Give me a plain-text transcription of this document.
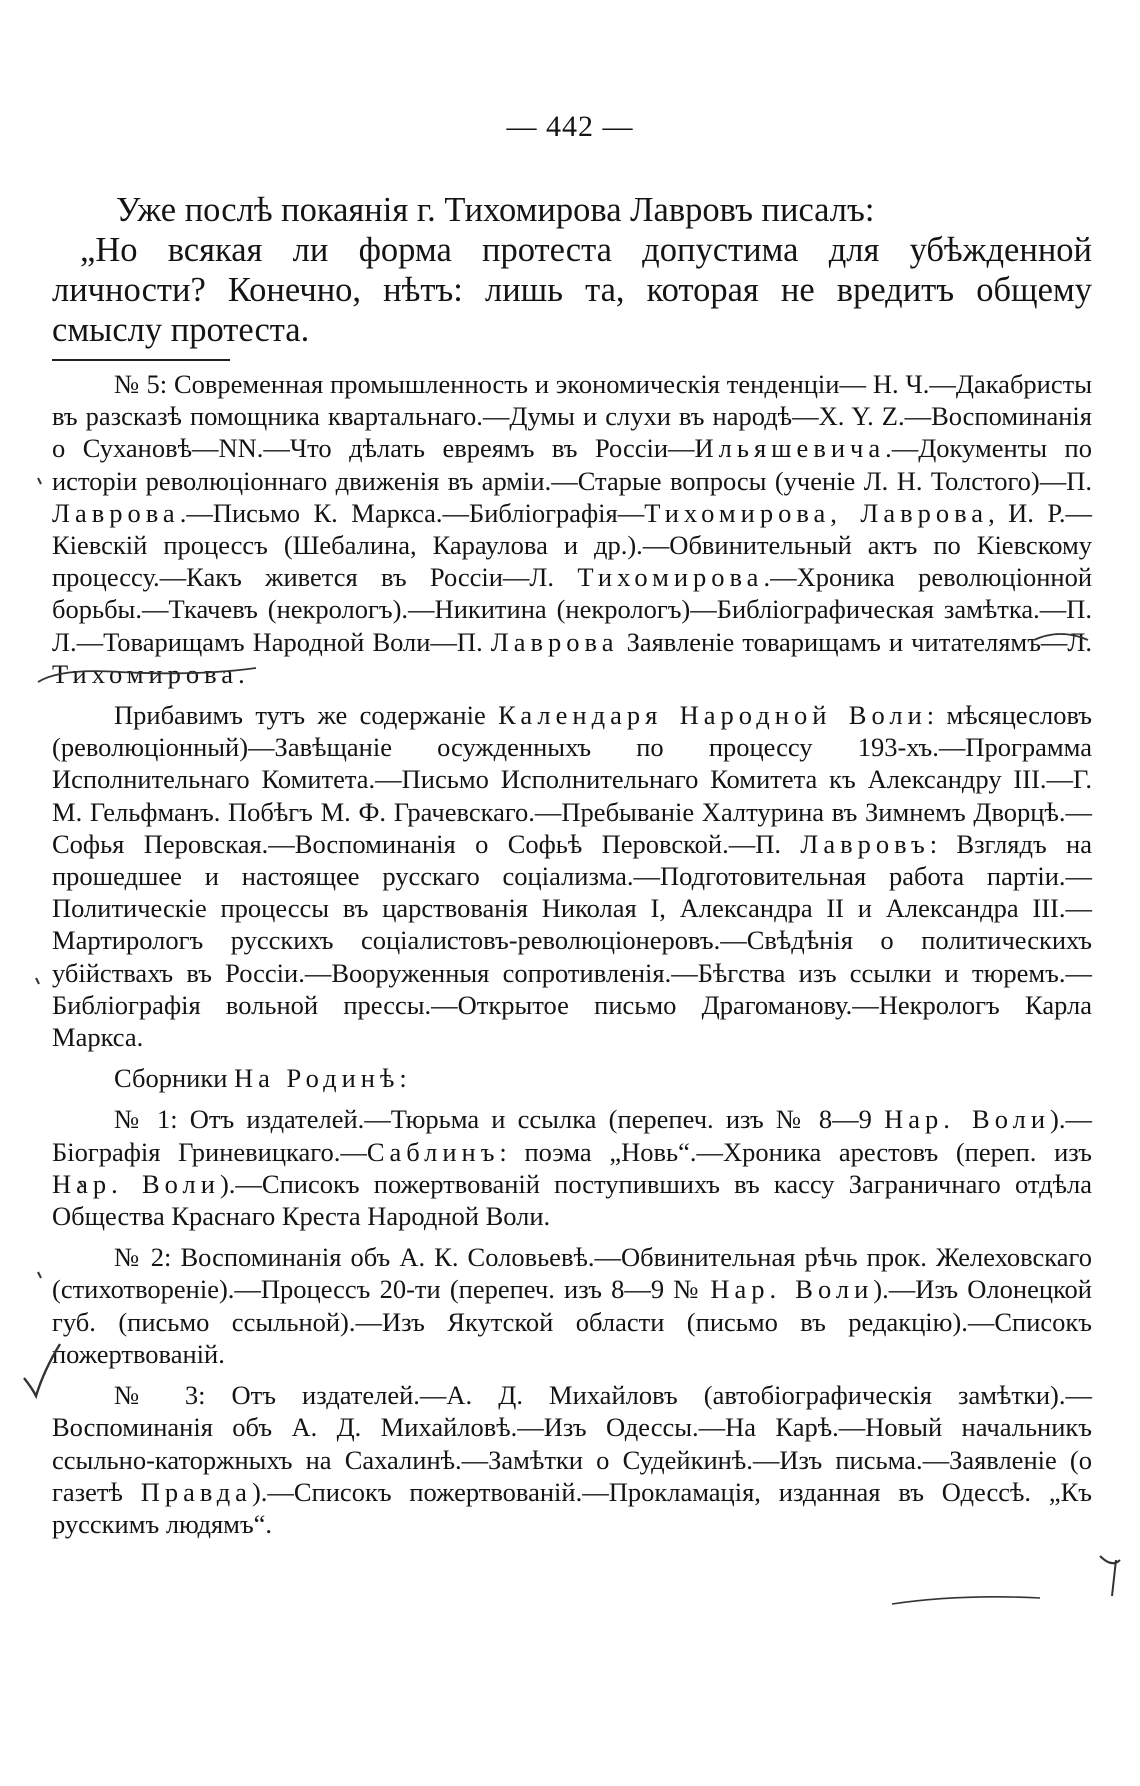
— 442 —

Уже послѣ покаянія г. Тихомирова Лавровъ писалъ:

„Но всякая ли форма протеста допустима для убѣжденной личности? Конечно, нѣтъ: лишь та, которая не вредитъ общему смыслу протеста.

№ 5: Современная промышленность и экономическія тенденціи— Н. Ч.—Дакабристы въ разсказѣ помощника квартальнаго.—Думы и слухи въ народѣ—X. Y. Z.—Воспоминанія о Сухановѣ—NN.—Что дѣлать евреямъ въ Россіи—Ильяшевича.—Документы по исторіи революціоннаго движенія въ арміи.—Старые вопросы (ученіе Л. Н. Толстого)—П. Лаврова.—Письмо К. Маркса.—Библіографія—Тихомирова, Лаврова, И. Р.—Кіевскій процессъ (Шебалина, Караулова и др.).—Обвинительный актъ по Кіевскому процессу.—Какъ живется въ Россіи—Л. Тихомирова.—Хроника революціонной борьбы.—Ткачевъ (некрологъ).—Никитина (некрологъ)—Библіографическая замѣтка.—П. Л.—Товарищамъ Народной Воли—П. Лаврова Заявленіе товарищамъ и читателямъ—Л. Тихомирова.

Прибавимъ тутъ же содержаніе Календаря Народной Воли: мѣсяцесловъ (революціонный)—Завѣщаніе осужденныхъ по процессу 193-хъ.—Программа Исполнительнаго Комитета.—Письмо Исполнительнаго Комитета къ Александру III.—Г. М. Гельфманъ. Побѣгъ М. Ф. Грачевскаго.—Пребываніе Халтурина въ Зимнемъ Дворцѣ.—Софья Перовская.—Воспоминанія о Софьѣ Перовской.—П. Лавровъ: Взглядъ на прошедшее и настоящее русскаго соціализма.—Подготовительная работа партіи.—Политическіе процессы въ царствованія Николая I, Александра II и Александра III.—Мартирологъ русскихъ соціалистовъ-революціонеровъ.—Свѣдѣнія о политическихъ убійствахъ въ Россіи.—Вооруженныя сопротивленія.—Бѣгства изъ ссылки и тюремъ.—Библіографія вольной прессы.—Открытое письмо Драгоманову.—Некрологъ Карла Маркса.

Сборники На Родинѣ:

№ 1: Отъ издателей.—Тюрьма и ссылка (перепеч. изъ № 8—9 Нар. Воли).—Біографія Гриневицкаго.—Саблинъ: поэма „Новь“.—Хроника арестовъ (переп. изъ Нар. Воли).—Списокъ пожертвованій поступившихъ въ кассу Заграничнаго отдѣла Общества Краснаго Креста Народной Воли.

№ 2: Воспоминанія объ А. К. Соловьевѣ.—Обвинительная рѣчь прок. Желеховскаго (стихотвореніе).—Процессъ 20-ти (перепеч. изъ 8—9 № Нар. Воли).—Изъ Олонецкой губ. (письмо ссыльной).—Изъ Якутской области (письмо въ редакцію).—Списокъ пожертвованій.

№ 3: Отъ издателей.—А. Д. Михайловъ (автобіографическія замѣтки).—Воспоминанія объ А. Д. Михайловѣ.—Изъ Одессы.—На Карѣ.—Новый начальникъ ссыльно-каторжныхъ на Сахалинѣ.—Замѣтки о Судейкинѣ.—Изъ письма.—Заявленіе (о газетѣ Правда).—Списокъ пожертвованій.—Прокламація, изданная въ Одессѣ. „Къ русскимъ людямъ“.
